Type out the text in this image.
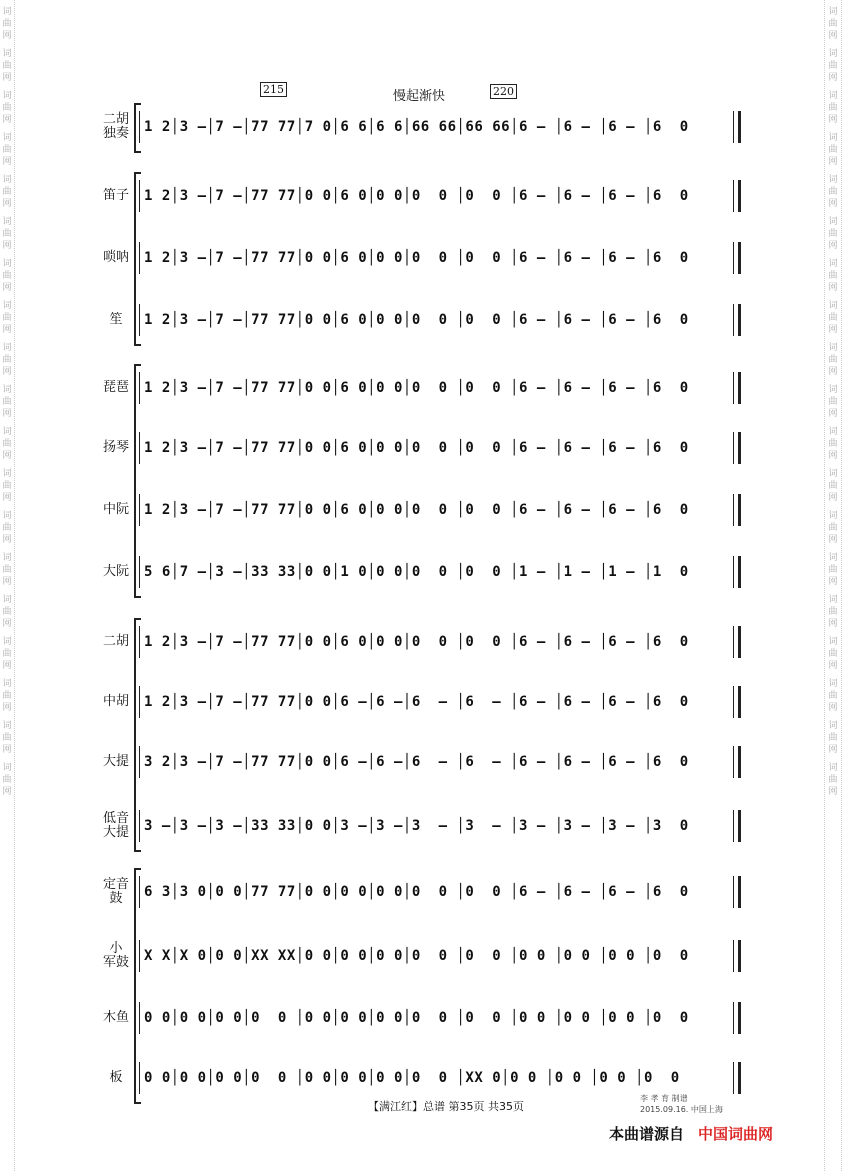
词
曲
网
词
曲
网
词
曲
网
词
曲
网
词
曲
网
词
曲
网
词
曲
网
词
曲
网
词
曲
网
词
曲
网
词
曲
网
词
曲
网
词
曲
网
词
曲
网
词
曲
网
词
曲
网
词
曲
网
词
曲
网
词
曲
网
词
曲
网
词
曲
网
词
曲
网
词
曲
网
词
曲
网
词
曲
网
词
曲
网
词
曲
网
词
曲
网
词
曲
网
词
曲
网
词
曲
网
词
曲
网
词
曲
网
词
曲
网
词
曲
网
词
曲
网
词
曲
网
词
曲
网
215	220
慢起渐快
二胡
独奏	1 2│3 –│7 –│77 77│7 0│6 6│6 6│66 66│66 66│6 – │6 – │6 – │6  0
笛子	1 2│3 –│7 –│77 77│0 0│6 0│0 0│0  0 │0  0 │6 – │6 – │6 – │6  0
唢呐	1 2│3 –│7 –│77 77│0 0│6 0│0 0│0  0 │0  0 │6 – │6 – │6 – │6  0
笙	1 2│3 –│7 –│77 77│0 0│6 0│0 0│0  0 │0  0 │6 – │6 – │6 – │6  0
琵琶	1 2│3 –│7 –│77 77│0 0│6 0│0 0│0  0 │0  0 │6 – │6 – │6 – │6  0
扬琴	1 2│3 –│7 –│77 77│0 0│6 0│0 0│0  0 │0  0 │6 – │6 – │6 – │6  0
中阮	1 2│3 –│7 –│77 77│0 0│6 0│0 0│0  0 │0  0 │6 – │6 – │6 – │6  0
大阮	5 6│7 –│3 –│33 33│0 0│1 0│0 0│0  0 │0  0 │1 – │1 – │1 – │1  0
二胡	1 2│3 –│7 –│77 77│0 0│6 0│0 0│0  0 │0  0 │6 – │6 – │6 – │6  0
中胡	1 2│3 –│7 –│77 77│0 0│6 –│6 –│6  – │6  – │6 – │6 – │6 – │6  0
大提	3 2│3 –│7 –│77 77│0 0│6 –│6 –│6  – │6  – │6 – │6 – │6 – │6  0
低音
大提	3 –│3 –│3 –│33 33│0 0│3 –│3 –│3  – │3  – │3 – │3 – │3 – │3  0
定音
鼓	6 3│3 0│0 0│77 77│0 0│0 0│0 0│0  0 │0  0 │6 – │6 – │6 – │6  0
小
军鼓	X X│X 0│0 0│XX XX│0 0│0 0│0 0│0  0 │0  0 │0 0 │0 0 │0 0 │0  0
木鱼	0 0│0 0│0 0│0  0 │0 0│0 0│0 0│0  0 │0  0 │0 0 │0 0 │0 0 │0  0
板	0 0│0 0│0 0│0  0 │0 0│0 0│0 0│0  0 │XX 0│0 0 │0 0 │0 0 │0  0
【满江红】总谱 第35页 共35页
李 孝 育 制谱
2015.09.16. 中国上海
本曲谱源自 中国词曲网
